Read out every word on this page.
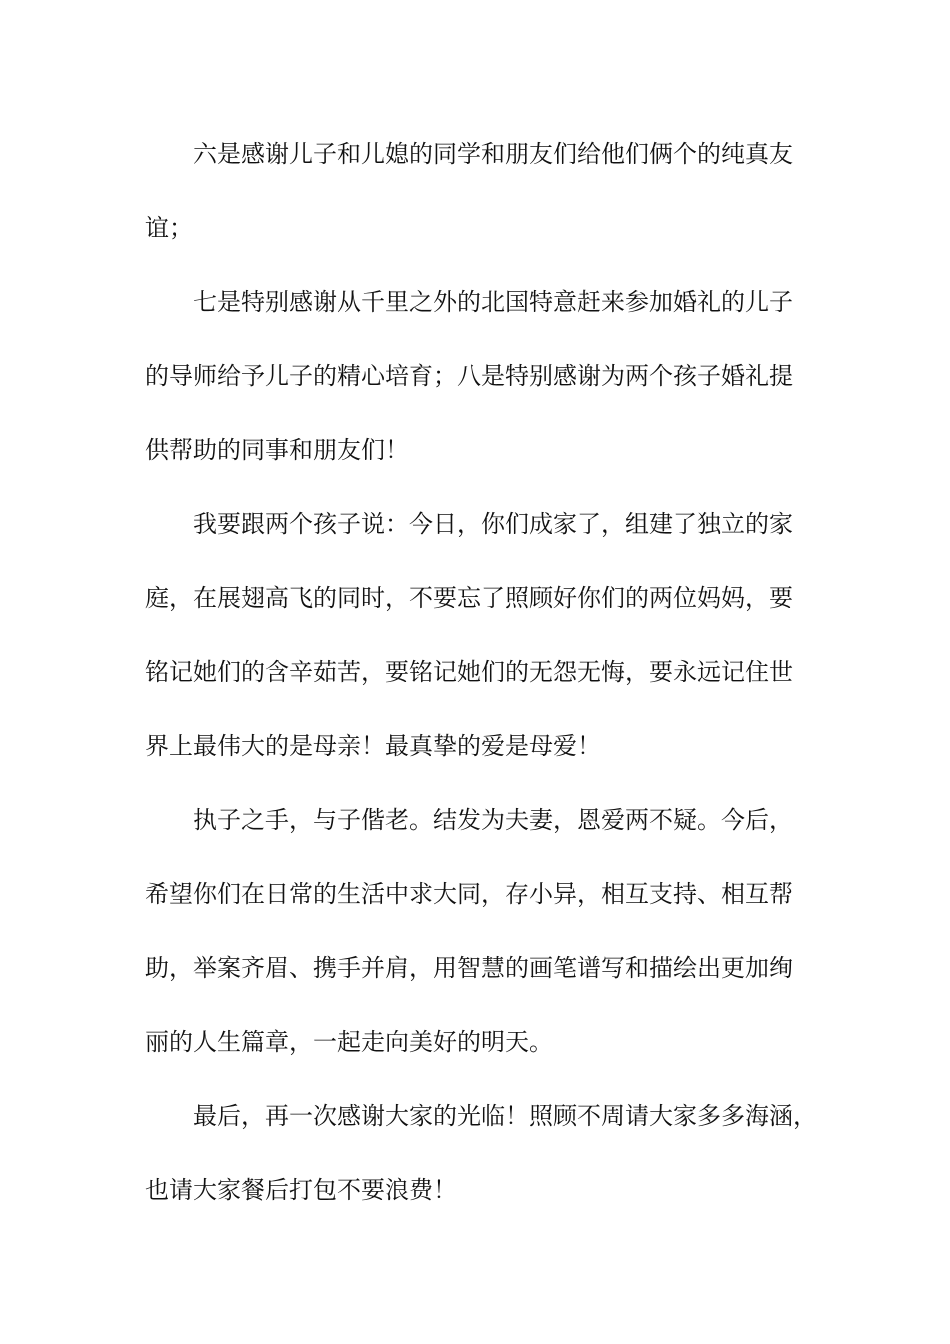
六是感谢儿子和儿媳的同学和朋友们给他们俩个的纯真友
谊；
七是特别感谢从千里之外的北国特意赶来参加婚礼的儿子
的导师给予儿子的精心培育；八是特别感谢为两个孩子婚礼提
供帮助的同事和朋友们！
我要跟两个孩子说：今日，你们成家了，组建了独立的家
庭，在展翅高飞的同时，不要忘了照顾好你们的两位妈妈，要
铭记她们的含辛茹苦，要铭记她们的无怨无悔，要永远记住世
界上最伟大的是母亲！最真挚的爱是母爱！
执子之手，与子偕老。结发为夫妻，恩爱两不疑。今后，
希望你们在日常的生活中求大同，存小异，相互支持、相互帮
助，举案齐眉、携手并肩，用智慧的画笔谱写和描绘出更加绚
丽的人生篇章，一起走向美好的明天。
最后，再一次感谢大家的光临！照顾不周请大家多多海涵，
也请大家餐后打包不要浪费！
